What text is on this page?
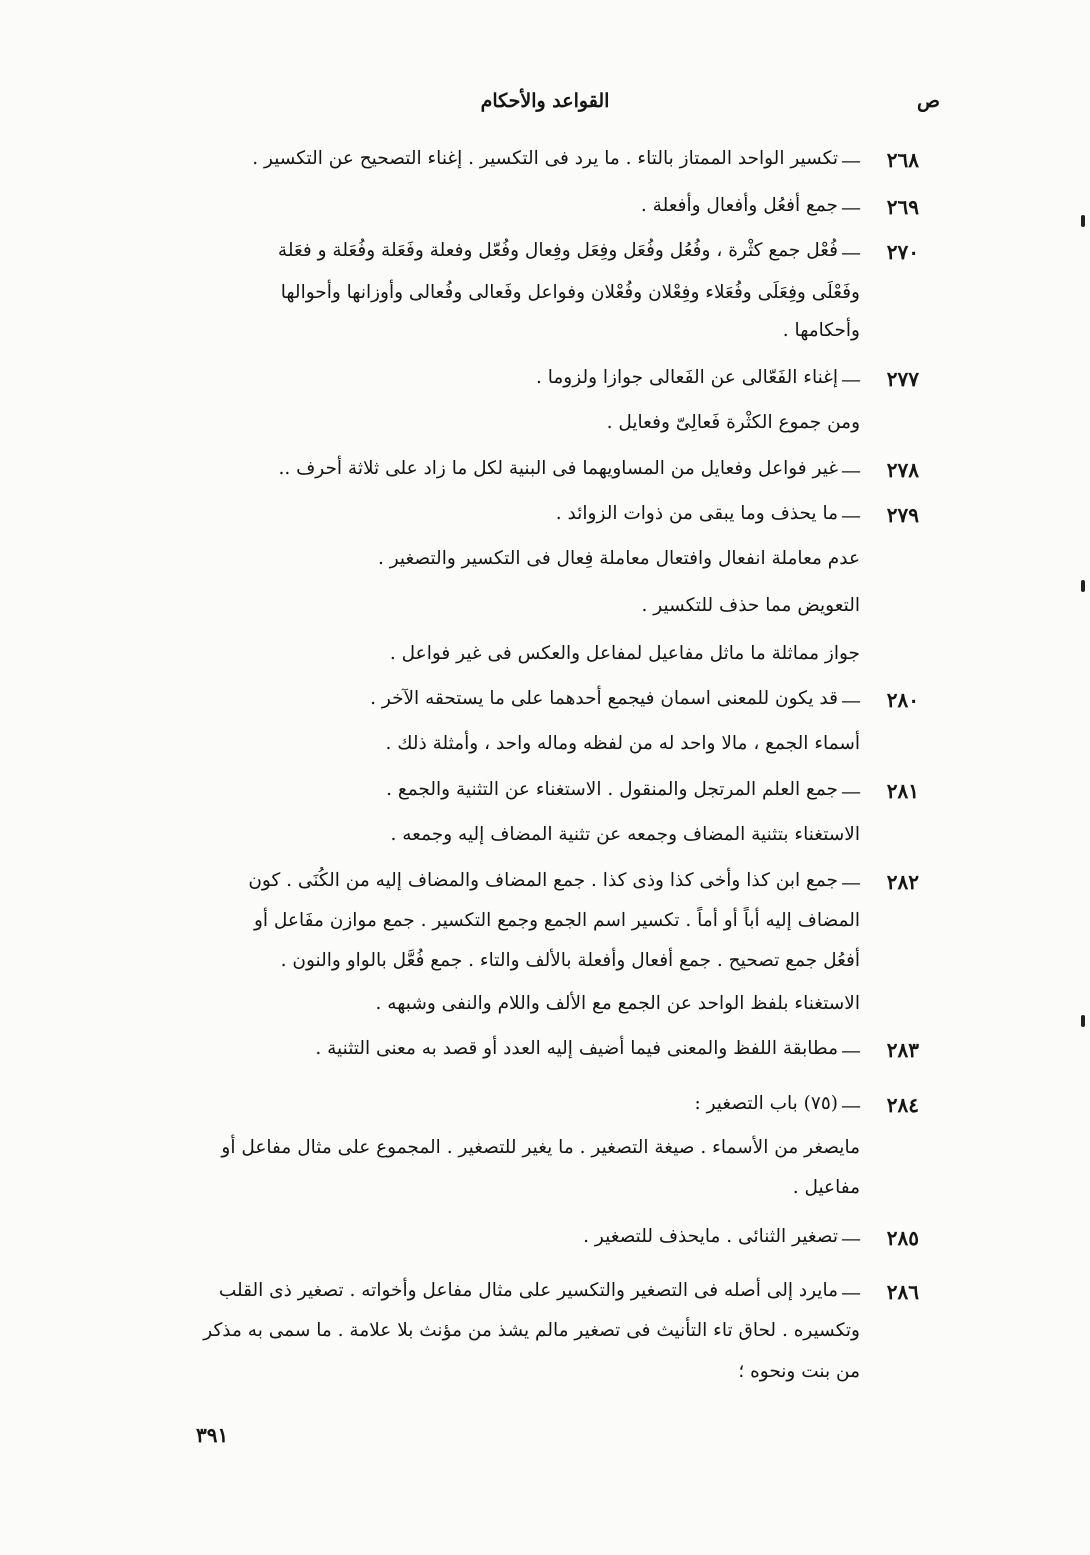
ص
القواعد والأحكام
٢٦٨
—
تكسير الواحد الممتاز بالتاء . ما يرد فى التكسير . إغناء التصحيح عن التكسير .
٢٦٩
—
جمع أفعُل وأفعال وأفعلة .
٢٧٠
—
فُعْل جمع كثْرة ، وفُعُل وفُعَل وفِعَل وفِعال وفُعّل وفعلة وفَعَلة وفُعَلة و فعَلة
وفَعْلَى وفِعَلَى وفُعَلاء وفِعْلان وفُعْلان وفواعل وفَعالى وفُعالى وأوزانها وأحوالها
وأحكامها .
٢٧٧
—
إغناء الفَعّالى عن الفَعالى جوازا ولزوما .
ومن جموع الكثْرة فَعالِىّ وفعايل .
٢٧٨
—
غير فواعل وفعايل من المساويهما فى البنية لكل ما زاد على ثلاثة أحرف ..
٢٧٩
—
ما يحذف وما يبقى من ذوات الزوائد .
عدم معاملة انفعال وافتعال معاملة فِعال فى التكسير والتصغير .
التعويض مما حذف للتكسير .
جواز مماثلة ما ماثل مفاعيل لمفاعل والعكس فى غير فواعل .
٢٨٠
—
قد يكون للمعنى اسمان فيجمع أحدهما على ما يستحقه الآخر .
أسماء الجمع ، مالا واحد له من لفظه وماله واحد ، وأمثلة ذلك .
٢٨١
—
جمع العلم المرتجل والمنقول . الاستغناء عن التثنية والجمع .
الاستغناء بتثنية المضاف وجمعه عن تثنية المضاف إليه وجمعه .
٢٨٢
—
جمع ابن كذا وأخى كذا وذى كذا . جمع المضاف والمضاف إليه من الكُنَى . كون
المضاف إليه أباً أو أماً . تكسير اسم الجمع وجمع التكسير . جمع موازن مفَاعل أو
أفعُل جمع تصحيح . جمع أفعال وأفعلة بالألف والتاء . جمع فُعَّل بالواو والنون .
الاستغناء بلفظ الواحد عن الجمع مع الألف واللام والنفى وشبهه .
٢٨٣
—
مطابقة اللفظ والمعنى فيما أضيف إليه العدد أو قصد به معنى التثنية .
٢٨٤
—
(٧٥) باب التصغير :
مايصغر من الأسماء . صيغة التصغير . ما يغير للتصغير . المجموع على مثال مفاعل أو
مفاعيل .
٢٨٥
—
تصغير الثنائى . مايحذف للتصغير .
٢٨٦
—
مايرد إلى أصله فى التصغير والتكسير على مثال مفاعل وأخواته . تصغير ذى القلب
وتكسيره . لحاق تاء التأنيث فى تصغير مالم يشذ من مؤنث بلا علامة . ما سمى به مذكر
من بنت ونحوه ؛
٣٩١
